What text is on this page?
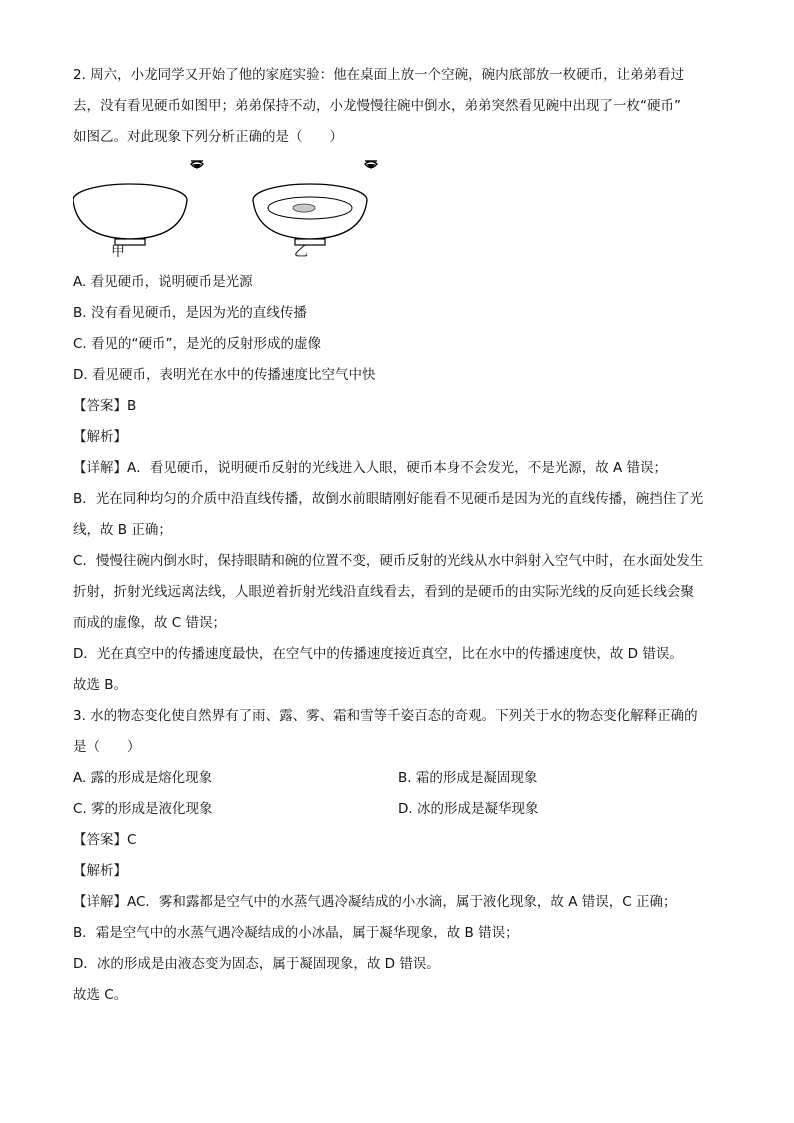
2. 周六，小龙同学又开始了他的家庭实验：他在桌面上放一个空碗，碗内底部放一枚硬币，让弟弟看过
去，没有看见硬币如图甲；弟弟保持不动，小龙慢慢往碗中倒水，弟弟突然看见碗中出现了一枚“硬币”
如图乙。对此现象下列分析正确的是（　　）
甲	乙
A. 看见硬币，说明硬币是光源
B. 没有看见硬币，是因为光的直线传播
C. 看见的“硬币”，是光的反射形成的虚像
D. 看见硬币，表明光在水中的传播速度比空气中快
【答案】B
【解析】
【详解】A．看见硬币，说明硬币反射的光线进入人眼，硬币本身不会发光，不是光源，故 A 错误；
B．光在同种均匀的介质中沿直线传播，故倒水前眼睛刚好能看不见硬币是因为光的直线传播，碗挡住了光
线，故 B 正确；
C．慢慢往碗内倒水时，保持眼睛和碗的位置不变，硬币反射的光线从水中斜射入空气中时，在水面处发生
折射，折射光线远离法线，人眼逆着折射光线沿直线看去，看到的是硬币的由实际光线的反向延长线会聚
而成的虚像，故 C 错误；
D．光在真空中的传播速度最快，在空气中的传播速度接近真空，比在水中的传播速度快，故 D 错误。
故选 B。
3. 水的物态变化使自然界有了雨、露、雾、霜和雪等千姿百态的奇观。下列关于水的物态变化解释正确的
是（　　）
A. 露的形成是熔化现象	B. 霜的形成是凝固现象
C. 雾的形成是液化现象	D. 冰的形成是凝华现象
【答案】C
【解析】
【详解】AC．雾和露都是空气中的水蒸气遇冷凝结成的小水滴，属于液化现象，故 A 错误，C 正确；
B．霜是空气中的水蒸气遇冷凝结成的小冰晶，属于凝华现象，故 B 错误；
D．冰的形成是由液态变为固态，属于凝固现象，故 D 错误。
故选 C。
